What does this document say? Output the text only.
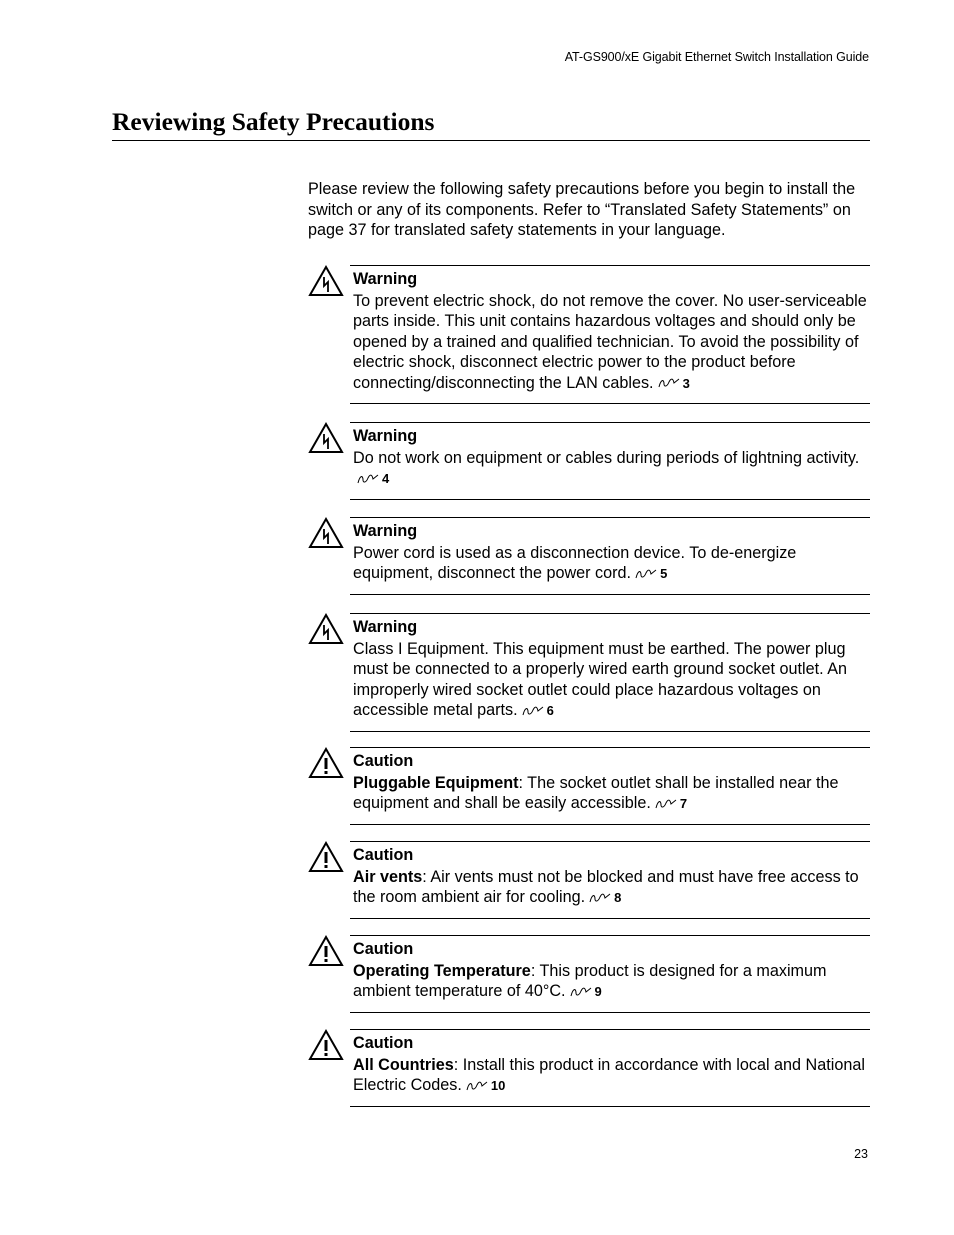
AT-GS900/xE Gigabit Ethernet Switch Installation Guide
Reviewing Safety Precautions

Please review the following safety precautions before you begin to install the switch or any of its components. Refer to “Translated Safety Statements” on page 37 for translated safety statements in your language.

Warning
To prevent electric shock, do not remove the cover. No user-serviceable parts inside. This unit contains hazardous voltages and should only be opened by a trained and qualified technician. To avoid the possibility of electric shock, disconnect electric power to the product before connecting/disconnecting the LAN cables. 3
Warning
Do not work on equipment or cables during periods of lightning activity.4
Warning
Power cord is used as a disconnection device. To de-energize equipment, disconnect the power cord. 5
Warning
Class I Equipment. This equipment must be earthed. The power plug must be connected to a properly wired earth ground socket outlet. An improperly wired socket outlet could place hazardous voltages on accessible metal parts. 6
Caution
Pluggable Equipment: The socket outlet shall be installed near the equipment and shall be easily accessible. 7
Caution
Air vents: Air vents must not be blocked and must have free access to the room ambient air for cooling. 8
Caution
Operating Temperature: This product is designed for a maximum ambient temperature of 40°C. 9
Caution
All Countries: Install this product in accordance with local and National Electric Codes. 10
23
